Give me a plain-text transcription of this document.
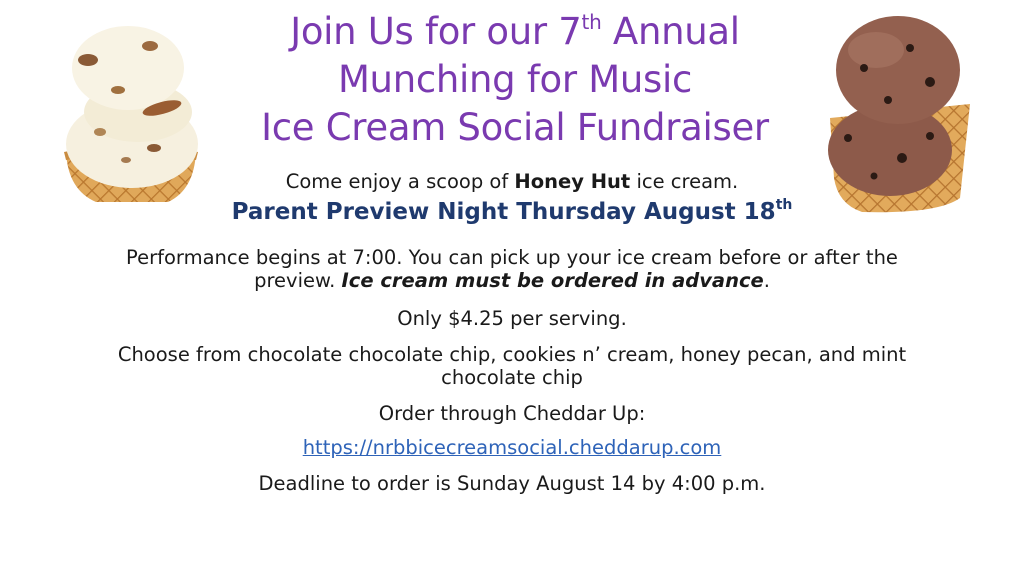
Join Us for our 7th Annual
Munching for Music
Ice Cream Social Fundraiser

Come enjoy a scoop of Honey Hut ice cream.

Parent Preview Night Thursday August 18th

Performance begins at 7:00. You can pick up your ice cream before or after the
preview. Ice cream must be ordered in advance.

Only $4.25 per serving.

Choose from chocolate chocolate chip, cookies n’ cream, honey pecan, and mint
chocolate chip

Order through Cheddar Up:

https://nrbbicecreamsocial.cheddarup.com

Deadline to order is Sunday August 14 by 4:00 p.m.
